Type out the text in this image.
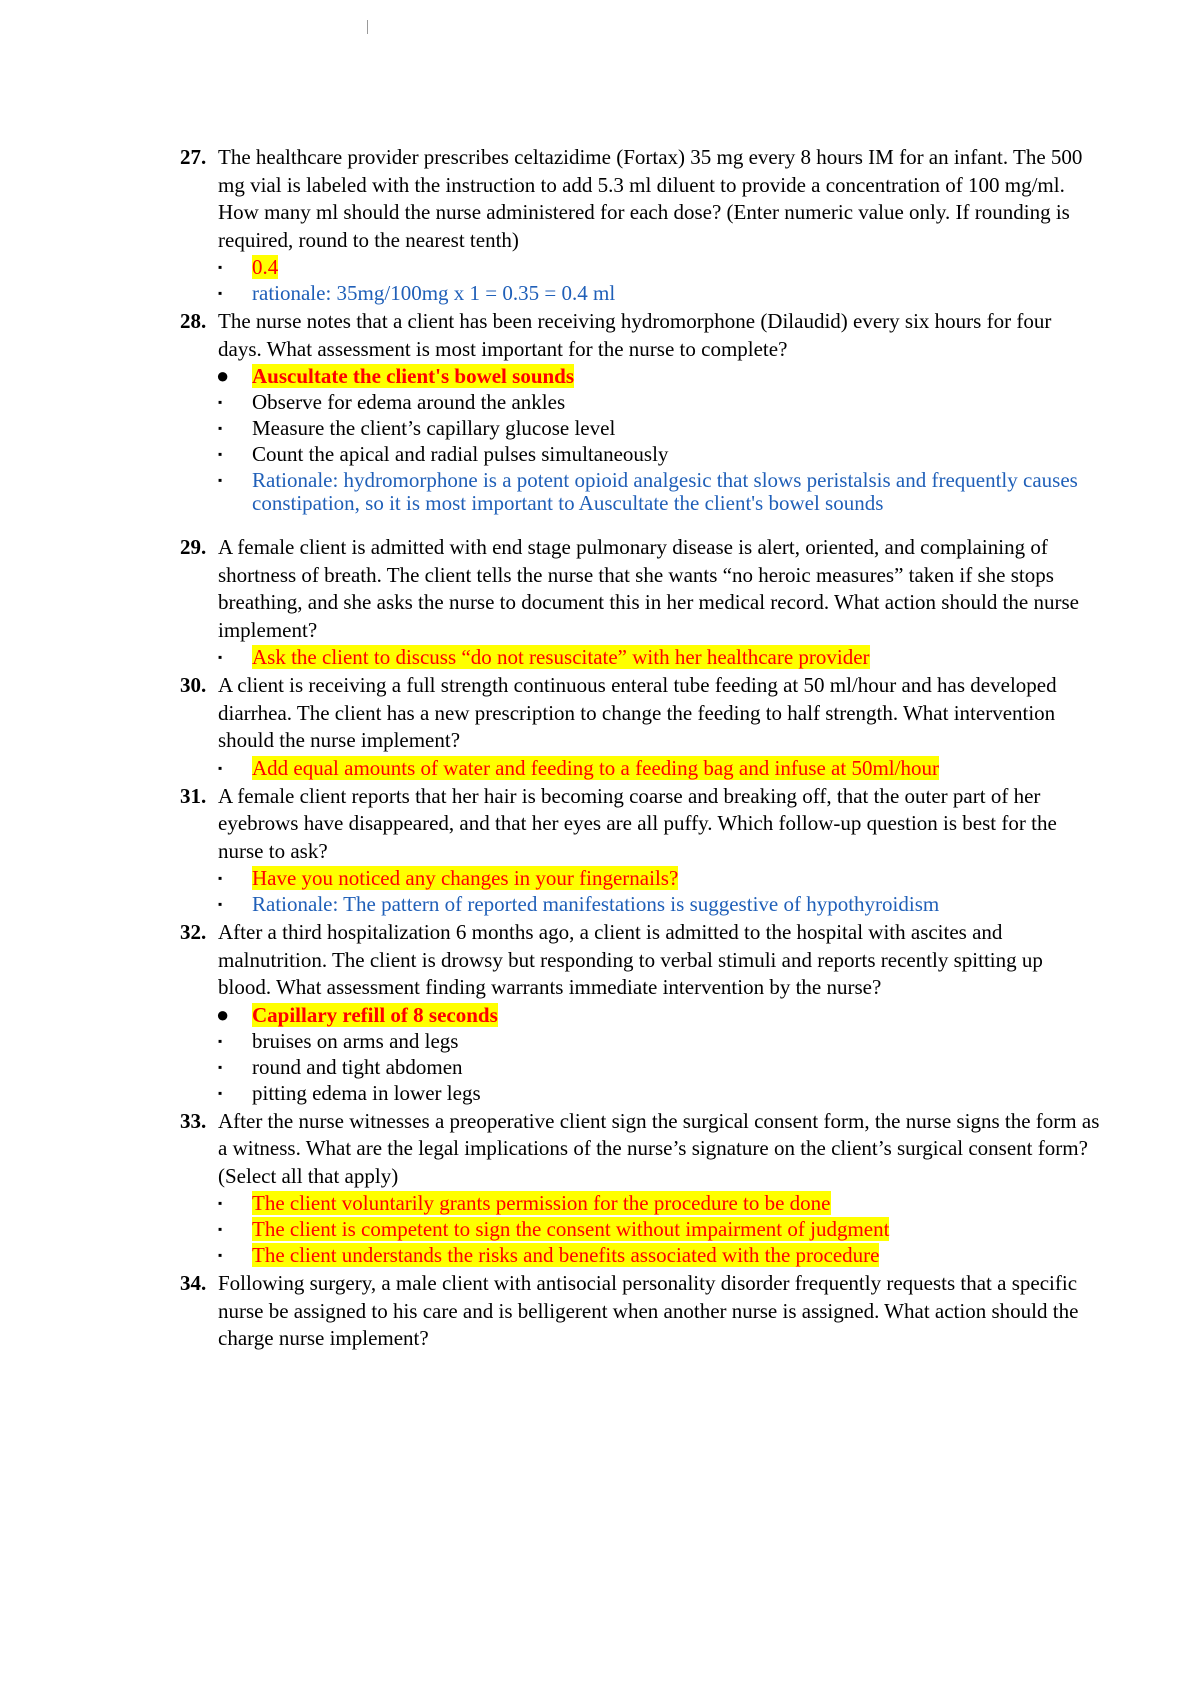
27. The healthcare provider prescribes celtazidime (Fortax) 35 mg every 8 hours IM for an infant. The 500 mg vial is labeled with the instruction to add 5.3 ml diluent to provide a concentration of 100 mg/ml. How many ml should the nurse administered for each dose? (Enter numeric value only. If rounding is required, round to the nearest tenth)
▪	0.4
▪	rationale: 35mg/100mg x 1 = 0.35 = 0.4 ml
28. The nurse notes that a client has been receiving hydromorphone (Dilaudid) every six hours for four days. What assessment is most important for the nurse to complete?
●	Auscultate the client's bowel sounds
▪	Observe for edema around the ankles
▪	Measure the client’s capillary glucose level
▪	Count the apical and radial pulses simultaneously
▪	Rationale: hydromorphone is a potent opioid analgesic that slows peristalsis and frequently causes constipation, so it is most important to Auscultate the client's bowel sounds
29. A female client is admitted with end stage pulmonary disease is alert, oriented, and complaining of shortness of breath. The client tells the nurse that she wants “no heroic measures” taken if she stops breathing, and she asks the nurse to document this in her medical record. What action should the nurse implement?
▪	Ask the client to discuss “do not resuscitate” with her healthcare provider
30. A client is receiving a full strength continuous enteral tube feeding at 50 ml/hour and has developed diarrhea. The client has a new prescription to change the feeding to half strength. What intervention should the nurse implement?
▪	Add equal amounts of water and feeding to a feeding bag and infuse at 50ml/hour
31. A female client reports that her hair is becoming coarse and breaking off, that the outer part of her eyebrows have disappeared, and that her eyes are all puffy. Which follow-up question is best for the nurse to ask?
▪	Have you noticed any changes in your fingernails?
▪	Rationale: The pattern of reported manifestations is suggestive of hypothyroidism
32. After a third hospitalization 6 months ago, a client is admitted to the hospital with ascites and malnutrition. The client is drowsy but responding to verbal stimuli and reports recently spitting up blood. What assessment finding warrants immediate intervention by the nurse?
●	Capillary refill of 8 seconds
▪	bruises on arms and legs
▪	round and tight abdomen
▪	pitting edema in lower legs
33. After the nurse witnesses a preoperative client sign the surgical consent form, the nurse signs the form as a witness. What are the legal implications of the nurse’s signature on the client’s surgical consent form? (Select all that apply)
▪	The client voluntarily grants permission for the procedure to be done
▪	The client is competent to sign the consent without impairment of judgment
▪	The client understands the risks and benefits associated with the procedure
34. Following surgery, a male client with antisocial personality disorder frequently requests that a specific nurse be assigned to his care and is belligerent when another nurse is assigned. What action should the charge nurse implement?
